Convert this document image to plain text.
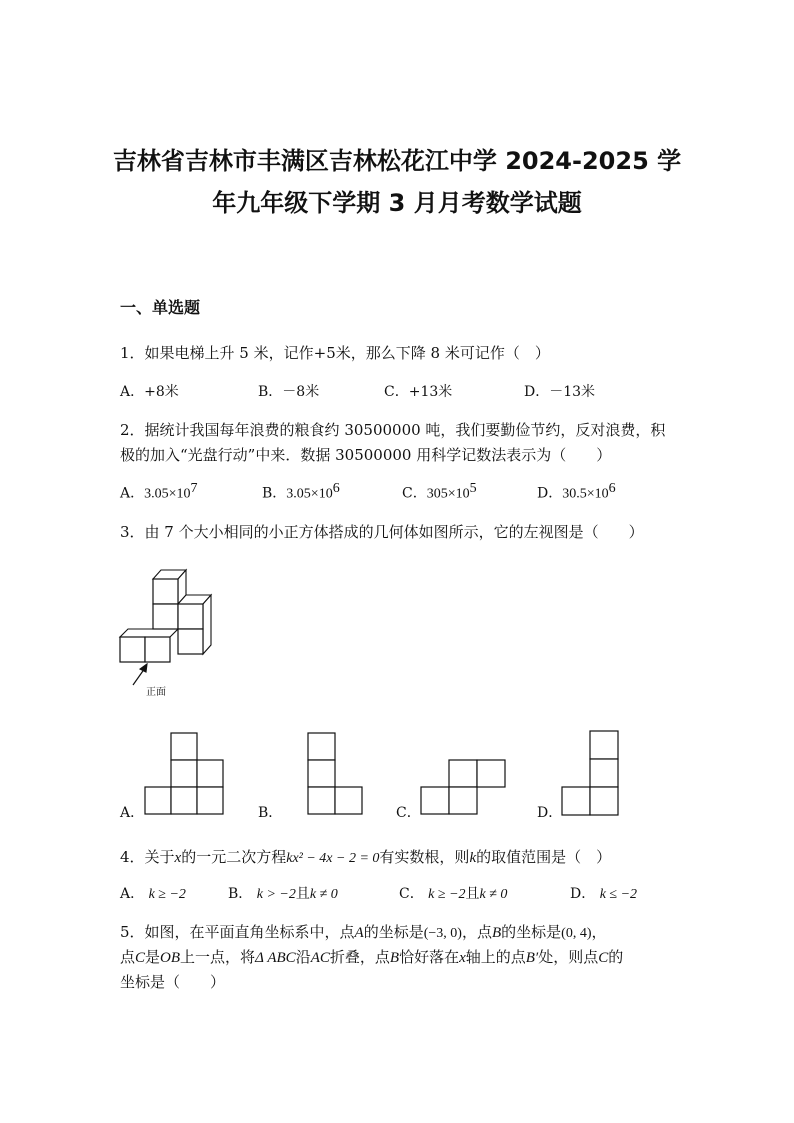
吉林省吉林市丰满区吉林松花江中学 2024-2025 学
年九年级下学期 3 月月考数学试题
一、单选题
1．如果电梯上升 5 米，记作+5米，那么下降 8 米可记作（　）
A．+8米	B．－8米	C．+13米	D．－13米
2．据统计我国每年浪费的粮食约 30500000 吨，我们要勤俭节约，反对浪费，积
极的加入“光盘行动”中来．数据 30500000 用科学记数法表示为（　　）
A．$3.05\times 10^7$	B．$3.05\times 10^6$	C．$305\times 10^5$	D．$30.5\times 10^6$
3．由 7 个大小相同的小正方体搭成的几何体如图所示，它的左视图是（　　）
正面
A．	B．	C．	D．
4．关于x的一元二次方程kx² − 4x − 2 = 0有实数根，则k的取值范围是（　）
A． k ≥ −2	B． k > −2且k ≠ 0	C． k ≥ −2且k ≠ 0	D． k ≤ −2
5．如图，在平面直角坐标系中，点A的坐标是(−3, 0)，点B的坐标是(0, 4)，
点C是OB上一点，将Δ ABC沿AC折叠，点B恰好落在x轴上的点B′处，则点C的
坐标是（　　）
